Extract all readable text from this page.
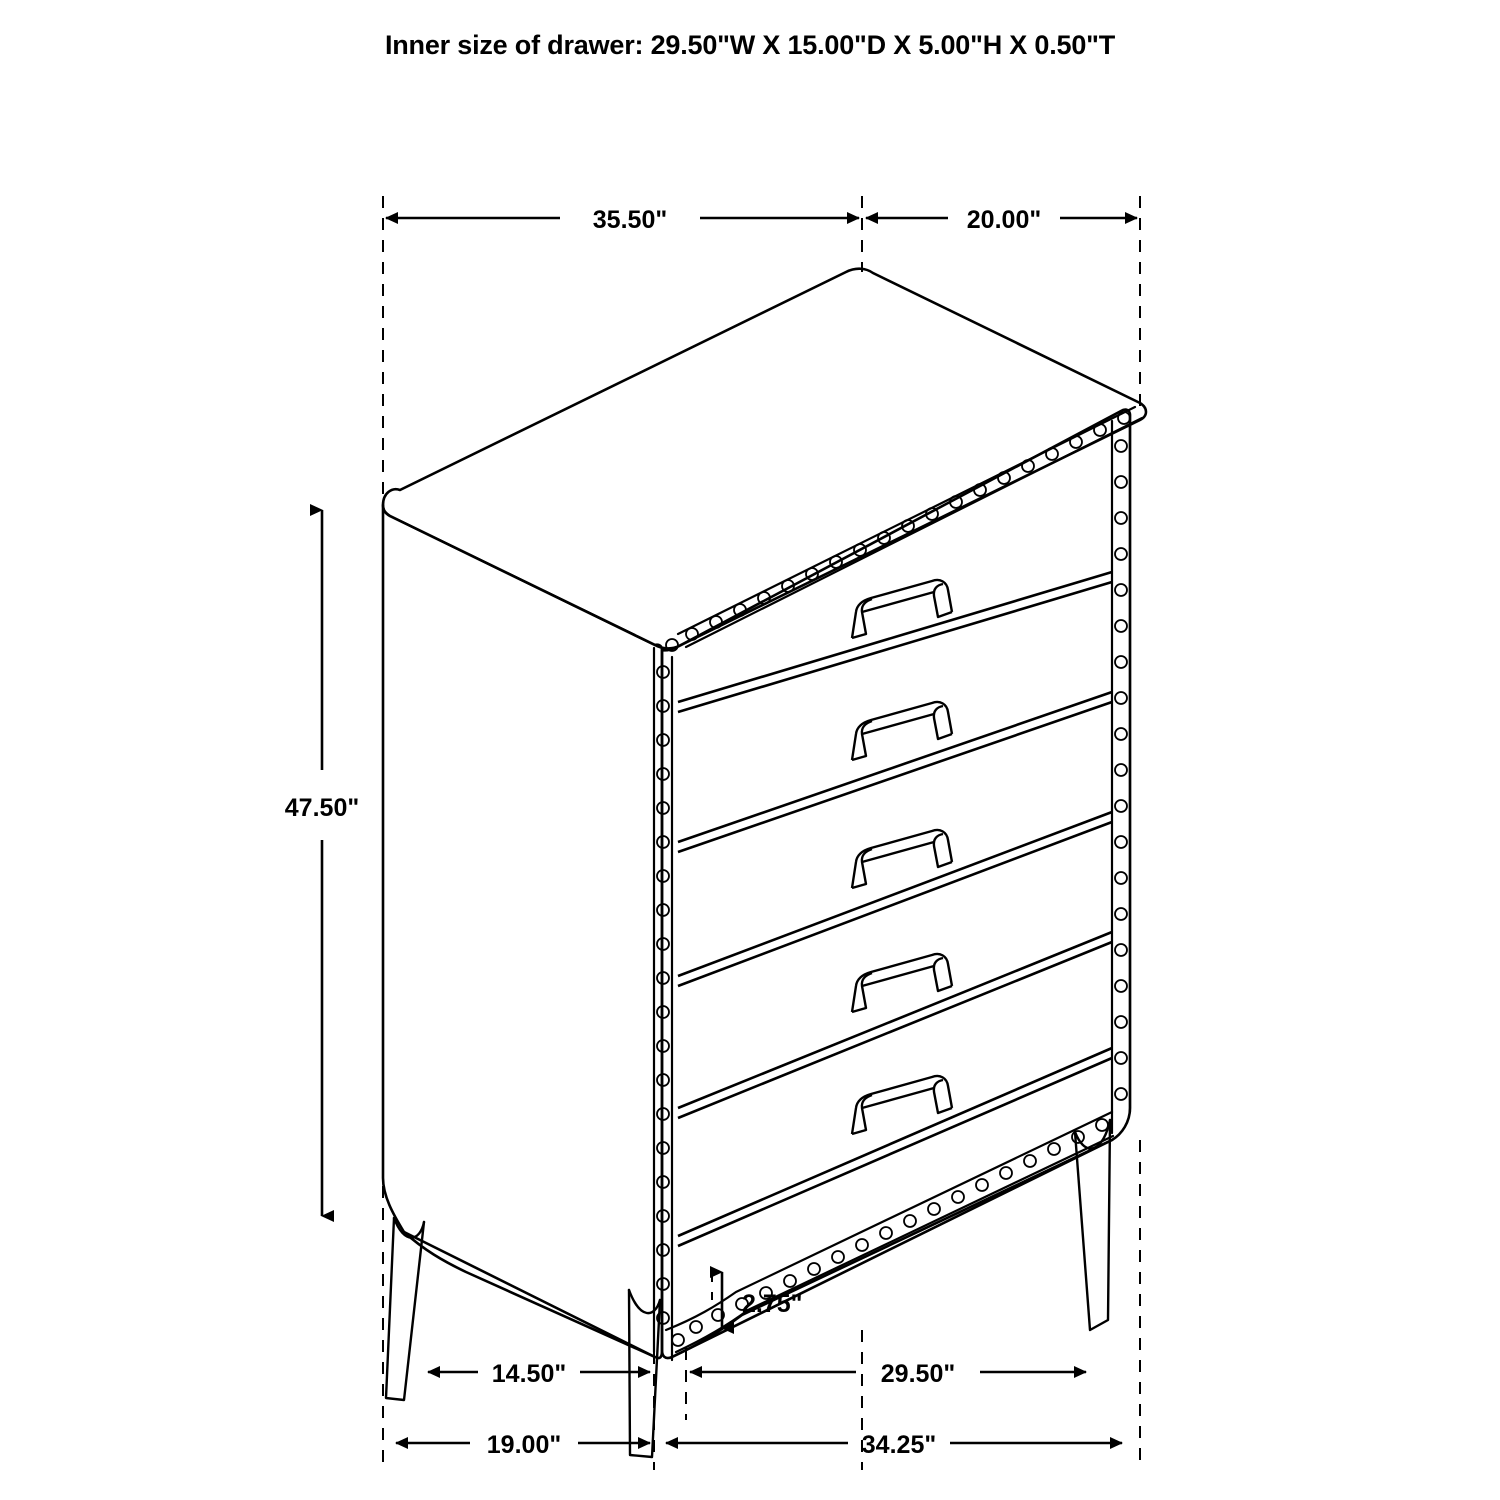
Inner size of drawer: 29.50"W X 15.00"D X 5.00"H X 0.50"T
35.50"	20.00"
47.50"
2.75"
14.50"	29.50"
19.00"	34.25"
